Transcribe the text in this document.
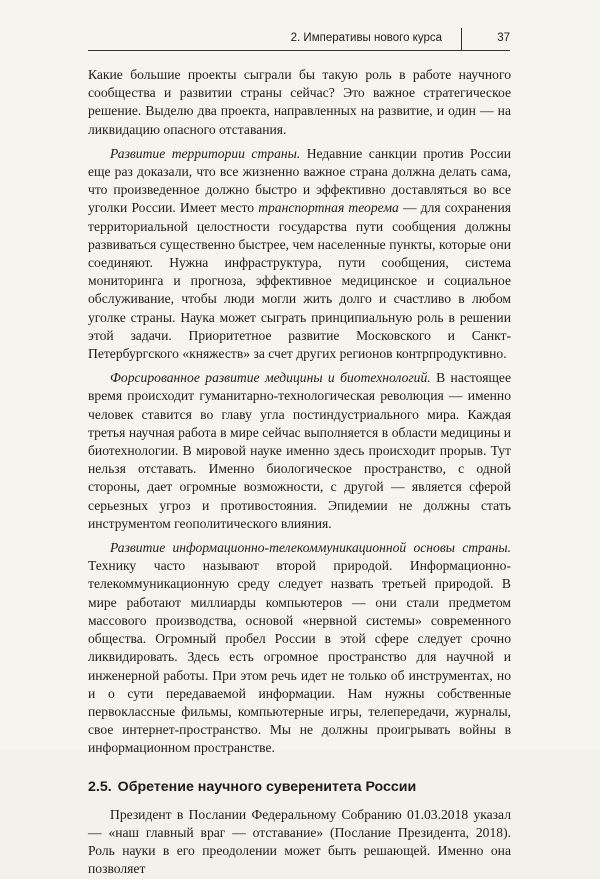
2. Императивы нового курса	37

Какие большие проекты сыграли бы такую роль в работе научного сообщества и развитии страны сейчас? Это важное стратегическое решение. Выделю два проекта, направленных на развитие, и один — на ликвидацию опасного отставания.

Развитие территории страны. Недавние санкции против России еще раз доказали, что все жизненно важное страна должна делать сама, что произведенное должно быстро и эффективно доставляться во все уголки России. Имеет место транспортная теорема — для сохранения территориальной целостности государства пути сообщения должны развиваться существенно быстрее, чем населенные пункты, которые они соединяют. Нужна инфраструктура, пути сообщения, система мониторинга и прогноза, эффективное медицинское и социальное обслуживание, чтобы люди могли жить долго и счастливо в любом уголке страны. Наука может сыграть принципиальную роль в решении этой задачи. Приоритетное развитие Московского и Санкт-Петербургского «княжеств» за счет других регионов контрпродуктивно.

Форсированное развитие медицины и биотехнологий. В настоящее время происходит гуманитарно-технологическая революция — именно человек ставится во главу угла постиндустриального мира. Каждая третья научная работа в мире сейчас выполняется в области медицины и биотехнологии. В мировой науке именно здесь происходит прорыв. Тут нельзя отставать. Именно биологическое пространство, с одной стороны, дает огромные возможности, с другой — является сферой серьезных угроз и противостояния. Эпидемии не должны стать инструментом геополитического влияния.

Развитие информационно-телекоммуникационной основы страны. Технику часто называют второй природой. Информационно-телекоммуникационную среду следует назвать третьей природой. В мире работают миллиарды компьютеров — они стали предметом массового производства, основой «нервной системы» современного общества. Огромный пробел России в этой сфере следует срочно ликвидировать. Здесь есть огромное пространство для научной и инженерной работы. При этом речь идет не только об инструментах, но и о сути передаваемой информации. Нам нужны собственные первоклассные фильмы, компьютерные игры, телепередачи, журналы, свое интернет-пространство. Мы не должны проигрывать войны в информационном пространстве.

2.5. Обретение научного суверенитета России

Президент в Послании Федеральному Собранию 01.03.2018 указал — «наш главный враг — отставание» (Послание Президента, 2018). Роль науки в его преодолении может быть решающей. Именно она позволяет
